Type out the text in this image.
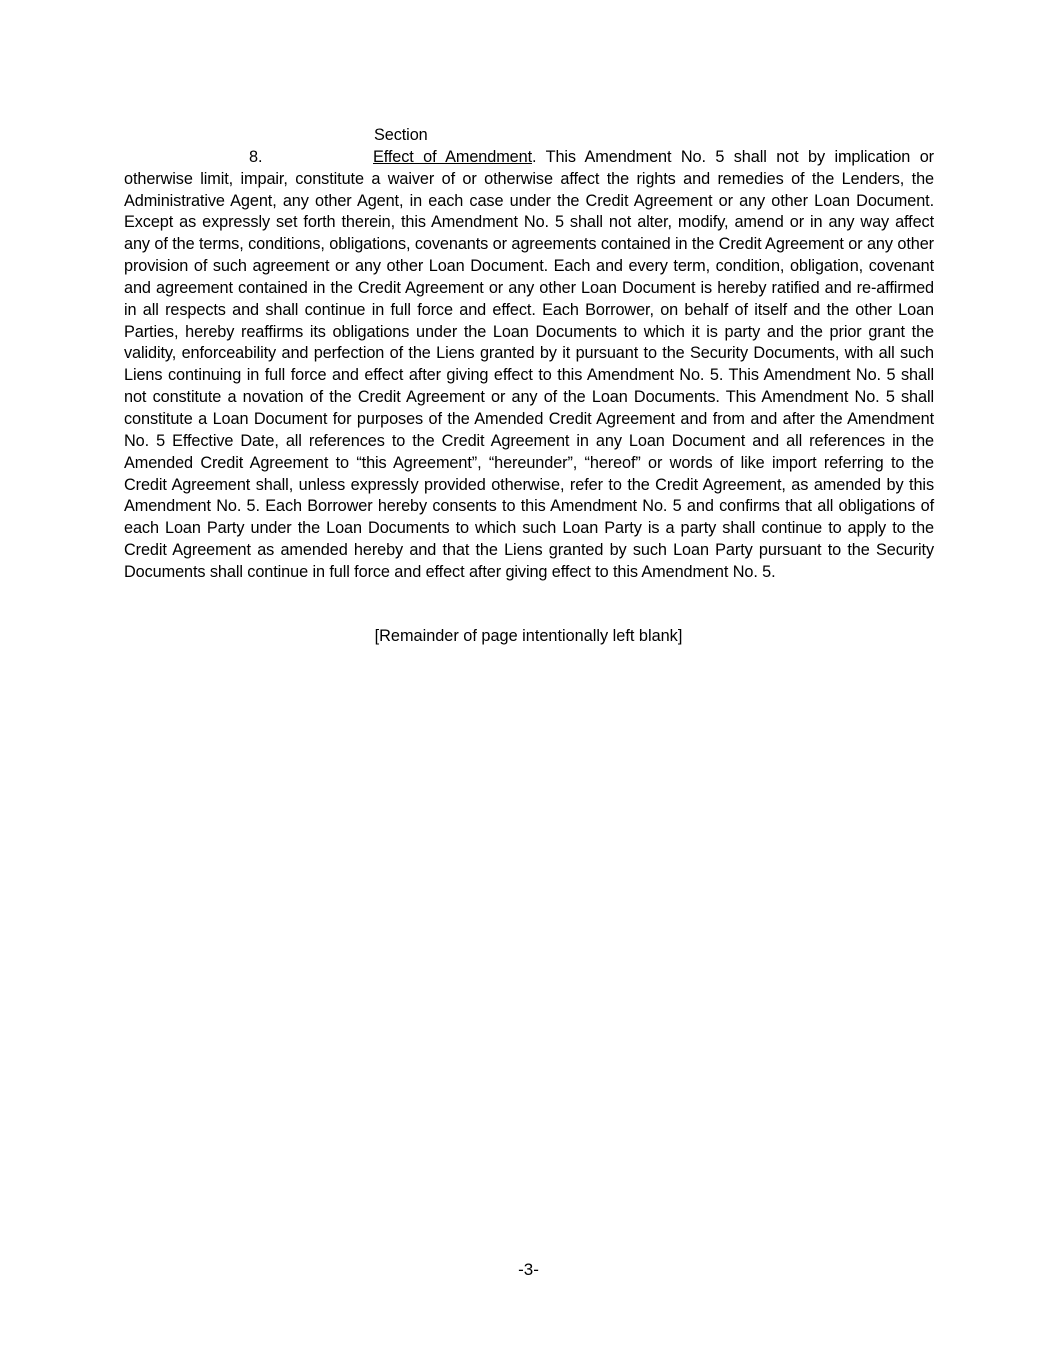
Section 8.	Effect of Amendment. This Amendment No. 5 shall not by implication or otherwise limit, impair, constitute a waiver of or otherwise affect the rights and remedies of the Lenders, the Administrative Agent, any other Agent, in each case under the Credit Agreement or any other Loan Document. Except as expressly set forth therein, this Amendment No. 5 shall not alter, modify, amend or in any way affect any of the terms, conditions, obligations, covenants or agreements contained in the Credit Agreement or any other provision of such agreement or any other Loan Document. Each and every term, condition, obligation, covenant and agreement contained in the Credit Agreement or any other Loan Document is hereby ratified and re-affirmed in all respects and shall continue in full force and effect. Each Borrower, on behalf of itself and the other Loan Parties, hereby reaffirms its obligations under the Loan Documents to which it is party and the prior grant the validity, enforceability and perfection of the Liens granted by it pursuant to the Security Documents, with all such Liens continuing in full force and effect after giving effect to this Amendment No. 5. This Amendment No. 5 shall not constitute a novation of the Credit Agreement or any of the Loan Documents. This Amendment No. 5 shall constitute a Loan Document for purposes of the Amended Credit Agreement and from and after the Amendment No. 5 Effective Date, all references to the Credit Agreement in any Loan Document and all references in the Amended Credit Agreement to “this Agreement”, “hereunder”, “hereof” or words of like import referring to the Credit Agreement shall, unless expressly provided otherwise, refer to the Credit Agreement, as amended by this Amendment No. 5. Each Borrower hereby consents to this Amendment No. 5 and confirms that all obligations of each Loan Party under the Loan Documents to which such Loan Party is a party shall continue to apply to the Credit Agreement as amended hereby and that the Liens granted by such Loan Party pursuant to the Security Documents shall continue in full force and effect after giving effect to this Amendment No. 5.

[Remainder of page intentionally left blank]

-3-
